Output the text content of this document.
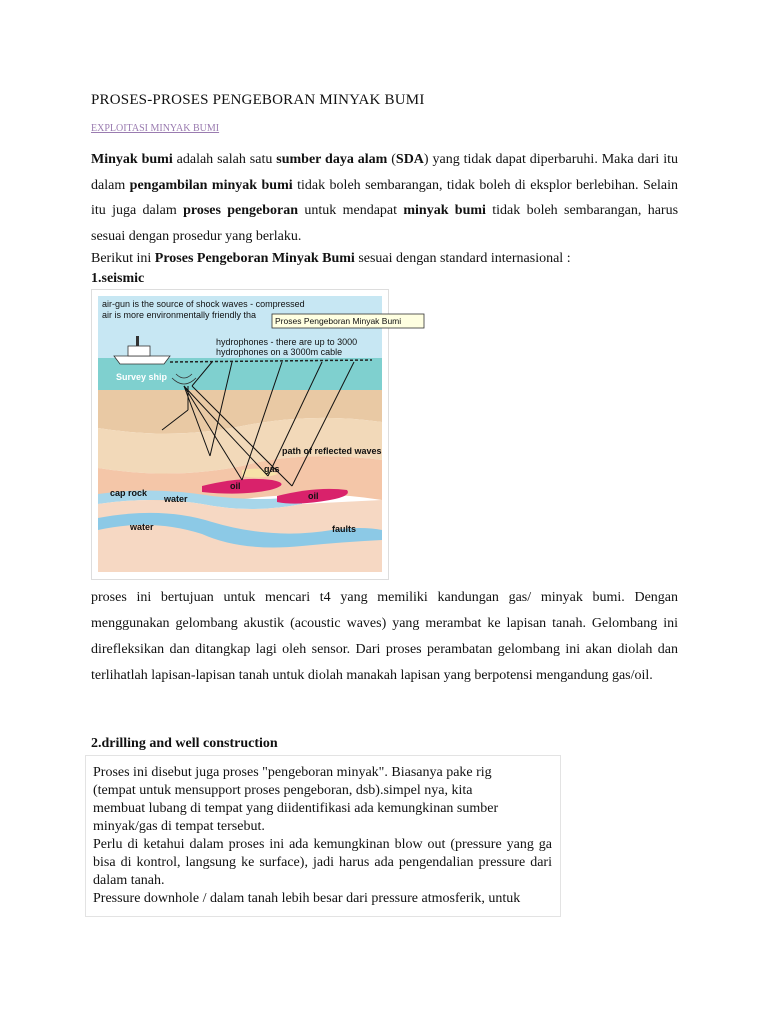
PROSES-PROSES PENGEBORAN MINYAK BUMI
EXPLOITASI MINYAK BUMI
Minyak bumi adalah salah satu sumber daya alam (SDA) yang tidak dapat diperbaruhi. Maka dari itu dalam pengambilan minyak bumi tidak boleh sembarangan, tidak boleh di eksplor berlebihan. Selain itu juga dalam proses pengeboran untuk mendapat minyak bumi tidak boleh sembarangan, harus sesuai dengan prosedur yang berlaku.
Berikut ini Proses Pengeboran Minyak Bumi sesuai dengan standard internasional :
1.seismic
air-gun is the source of shock waves - compressed
air is more environmentally friendly tha
hydrophones - there are up to 3000
hydrophones on a 3000m cable
Survey ship
path of reflected waves
gas
oil
oil
cap rock
water
water	faults
Proses Pengeboran Minyak Bumi
proses ini bertujuan untuk mencari t4 yang memiliki kandungan gas/ minyak bumi. Dengan menggunakan gelombang akustik (acoustic waves) yang merambat ke lapisan tanah. Gelombang ini direfleksikan dan ditangkap lagi oleh sensor. Dari proses perambatan gelombang ini akan diolah dan terlihatlah lapisan-lapisan tanah untuk diolah manakah lapisan yang berpotensi mengandung gas/oil.
2.drilling and well construction

Proses ini disebut juga proses "pengeboran minyak". Biasanya pake rig

(tempat untuk mensupport proses pengeboran, dsb).simpel nya, kita

membuat lubang di tempat yang diidentifikasi ada kemungkinan sumber

minyak/gas di tempat tersebut.

Perlu di ketahui dalam proses ini ada kemungkinan blow out (pressure yang ga bisa di kontrol, langsung ke surface), jadi harus ada pengendalian pressure dari dalam tanah.

Pressure downhole / dalam tanah lebih besar dari pressure atmosferik, untuk
